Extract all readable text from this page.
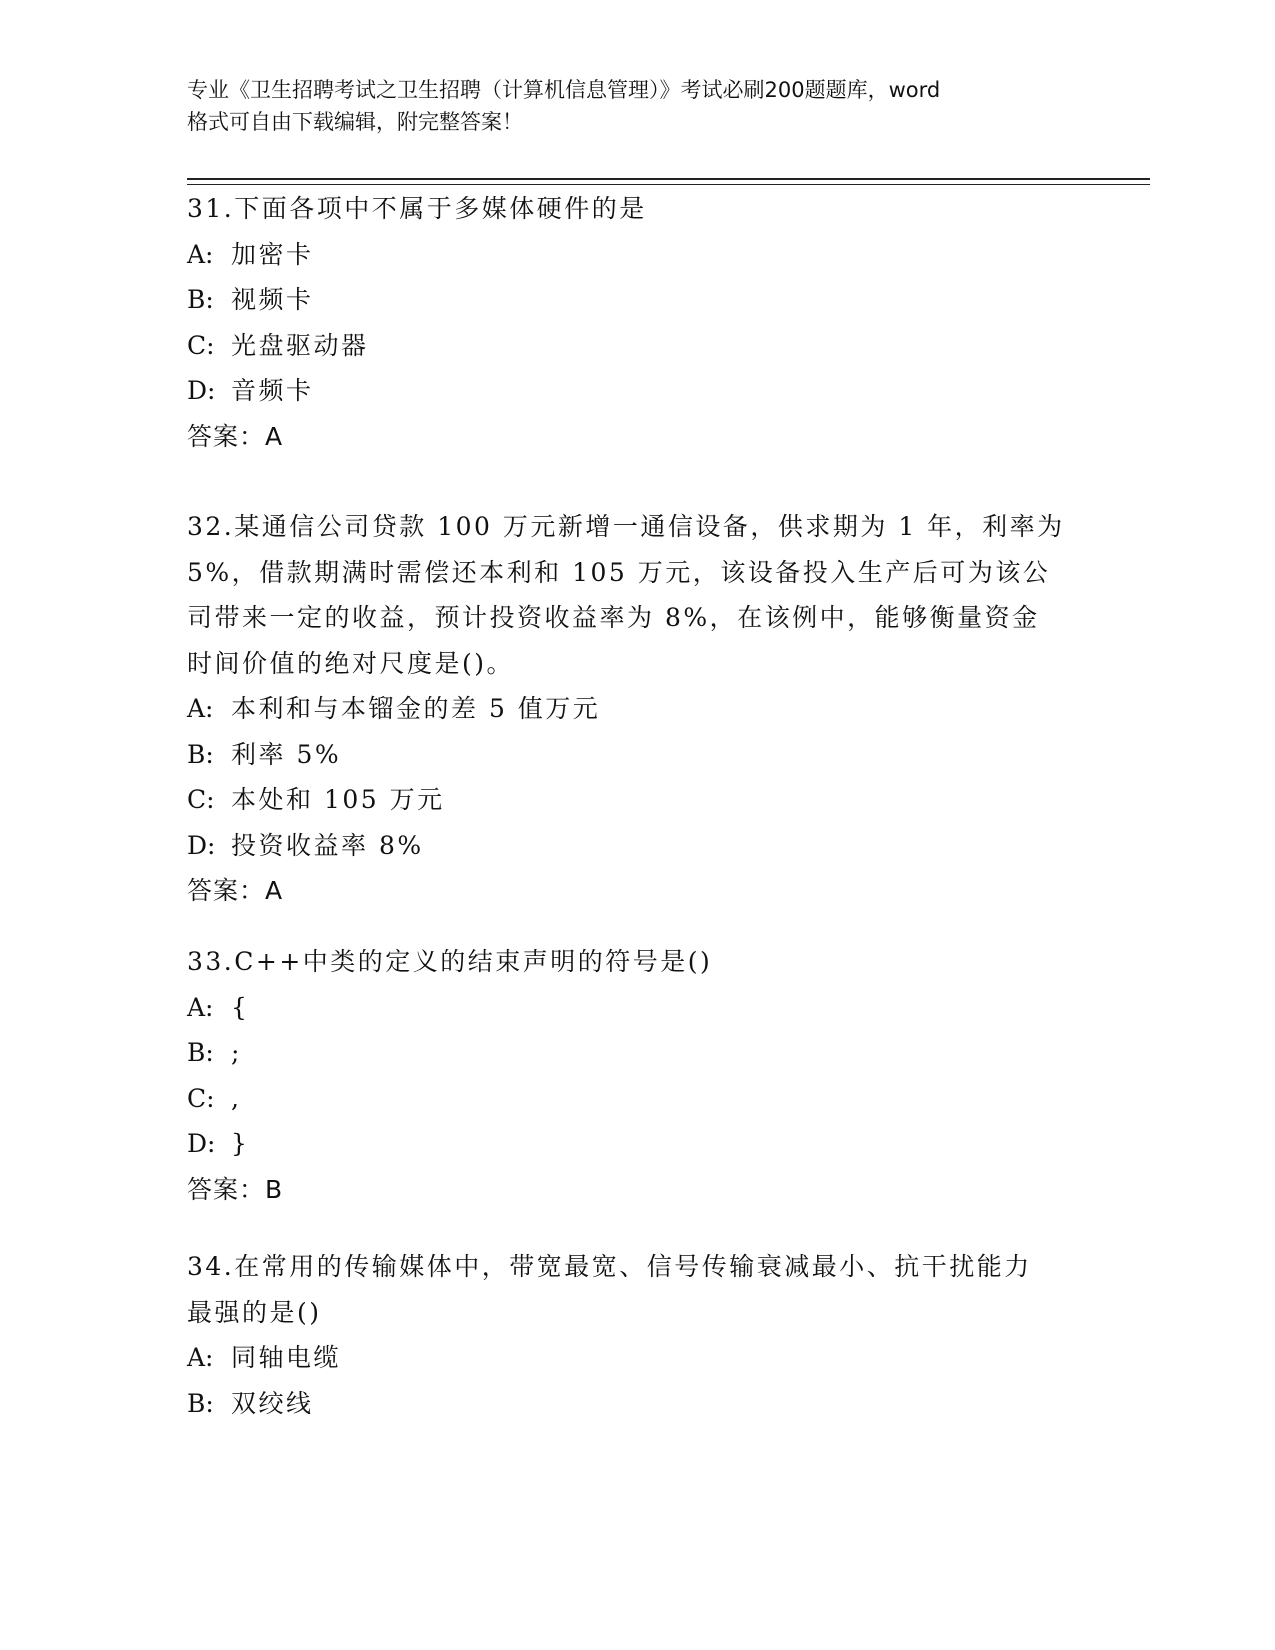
专业《卫生招聘考试之卫生招聘（计算机信息管理）》考试必刷200题题库，word
格式可自由下载编辑，附完整答案！
31.下面各项中不属于多媒体硬件的是
A: 加密卡
B: 视频卡
C: 光盘驱动器
D: 音频卡
答案：A
32.某通信公司贷款 100 万元新增一通信设备，供求期为 1 年，利率为
5%，借款期满时需偿还本利和 105 万元，该设备投入生产后可为该公
司带来一定的收益，预计投资收益率为 8%，在该例中，能够衡量资金
时间价值的绝对尺度是()。
A: 本利和与本镏金的差 5 值万元
B: 利率 5%
C: 本处和 105 万元
D: 投资收益率 8%
答案：A
33.C++中类的定义的结束声明的符号是()
A: {
B: ;
C: ,
D: }
答案：B
34.在常用的传输媒体中，带宽最宽、信号传输衰减最小、抗干扰能力
最强的是()
A: 同轴电缆
B: 双绞线
